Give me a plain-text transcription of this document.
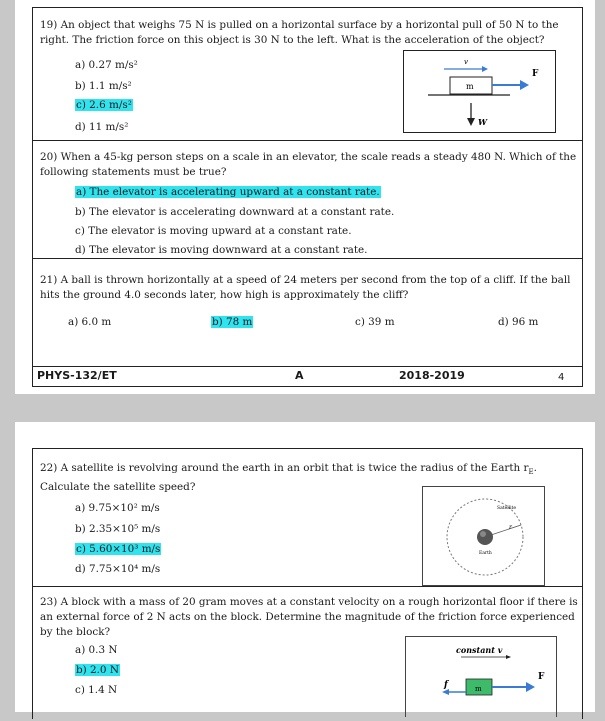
19) An object that weighs 75 N is pulled on a horizontal surface by a horizontal pull of 50 N to the right. The friction force on this object is 30 N to the left. What is the acceleration of the object?
a) 0.27 m/s²
b) 1.1 m/s²
c) 2.6 m/s²
d) 11 m/s²
v
m
F
W
20) When a 45-kg person steps on a scale in an elevator, the scale reads a steady 480 N. Which of the following statements must be true?
a) The elevator is accelerating upward at a constant rate.
b) The elevator is accelerating downward at a constant rate.
c) The elevator is moving upward at a constant rate.
d) The elevator is moving downward at a constant rate.
21) A ball is thrown horizontally at a speed of 24 meters per second from the top of a cliff. If the ball hits the ground 4.0 seconds later, how high is approximately the cliff?
a) 6.0 m	b) 78 m	c) 39 m	d) 96 m
PHYS-132/ET	A	2018-2019	4
22) A satellite is revolving around the earth in an orbit that is twice the radius of the Earth $r_E$. Calculate the satellite speed?
a) 9.75×10² m/s
b) 2.35×10⁵ m/s
c) 5.60×10³ m/s
d) 7.75×10⁴ m/s
r
Satellite
Earth
23) A block with a mass of 20 gram moves at a constant velocity on a rough horizontal floor if there is an external force of 2 N acts on the block. Determine the magnitude of the friction force experienced by the block?
a) 0.3 N
b) 2.0 N
c) 1.4 N
constant v
m
F
f
